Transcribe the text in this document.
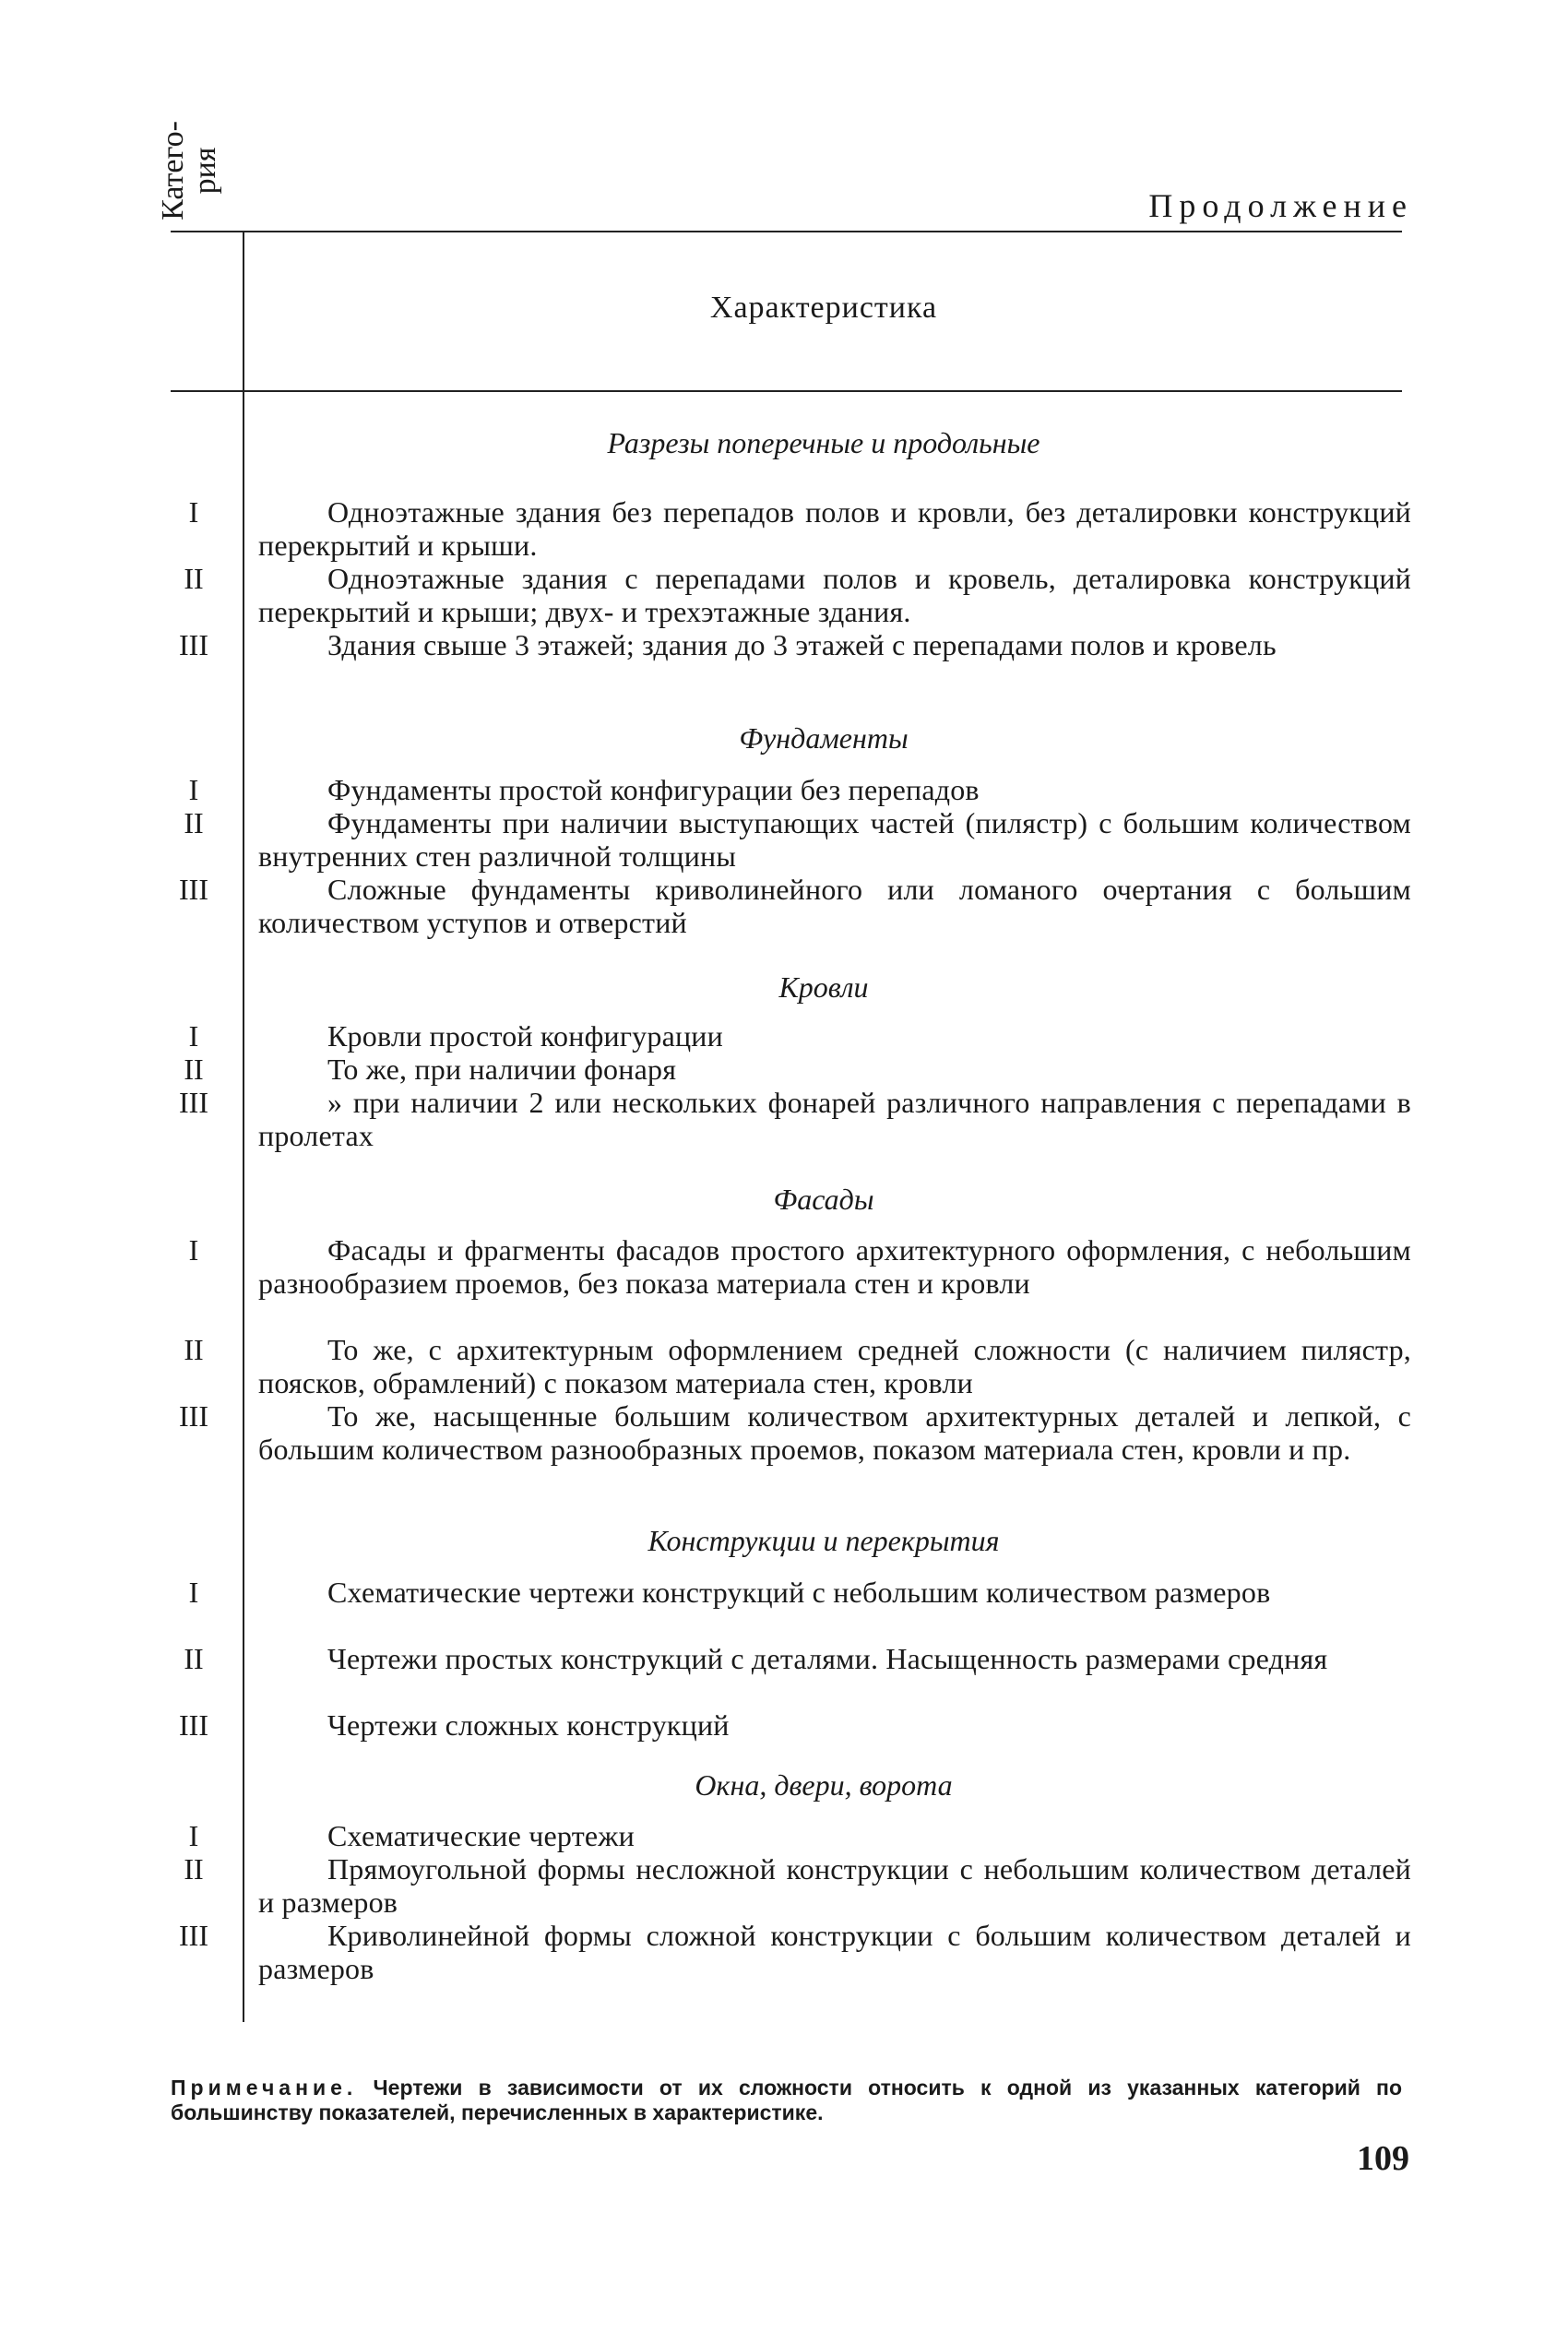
Продолжение
Катего-
рия
Характеристика
Разрезы поперечные и продольные
I	Одноэтажные здания без перепадов полов и кровли, без деталировки конструкций перекрытий и крыши.
II	Одноэтажные здания с перепадами полов и кровель, деталировка конструкций перекрытий и крыши; двух- и трехэтажные здания.
III	Здания свыше 3 этажей; здания до 3 этажей с перепадами полов и кровель
Фундаменты
I	Фундаменты простой конфигурации без перепадов
II	Фундаменты при наличии выступающих частей (пилястр) с большим количеством внутренних стен различной толщины
III	Сложные фундаменты криволинейного или ломаного очертания с большим количеством уступов и отверстий
Кровли
I	Кровли простой конфигурации
II	То же, при наличии фонаря
III	» при наличии 2 или нескольких фонарей различного направления с перепадами в пролетах
Фасады
I	Фасады и фрагменты фасадов простого архитектурного оформления, с небольшим разнообразием проемов, без показа материала стен и кровли
II	То же, с архитектурным оформлением средней сложности (с наличием пилястр, поясков, обрамлений) с показом материала стен, кровли
III	То же, насыщенные большим количеством архитектурных деталей и лепкой, с большим количеством разнообразных проемов, показом материала стен, кровли и пр.
Конструкции и перекрытия
I	Схематические чертежи конструкций с небольшим количеством размеров
II	Чертежи простых конструкций с деталями. Насыщенность размерами средняя
III	Чертежи сложных конструкций
Окна, двери, ворота
I	Схематические чертежи
II	Прямоугольной формы несложной конструкции с небольшим количеством деталей и размеров
III	Криволинейной формы сложной конструкции с большим количеством деталей и размеров
Примечание. Чертежи в зависимости от их сложности относить к одной из указанных категорий по большинству показателей, перечисленных в характеристике.
109
